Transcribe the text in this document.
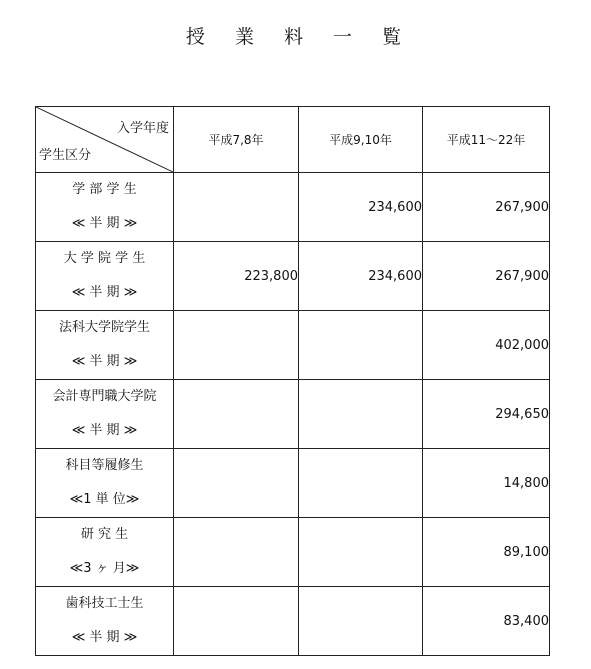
授 業 料 一 覧
入学年度
学生区分	平成7,8年	平成9,10年	平成11～22年

学 部 学 生
≪ 半 期 ≫		234,600	267,900

大 学 院 学 生
≪ 半 期 ≫	223,800	234,600	267,900

法科大学院学生
≪ 半 期 ≫			402,000

会計専門職大学院
≪ 半 期 ≫			294,650

科目等履修生
≪1 単 位≫			14,800

研 究 生
≪3 ヶ 月≫			89,100

歯科技工士生
≪ 半 期 ≫			83,400
